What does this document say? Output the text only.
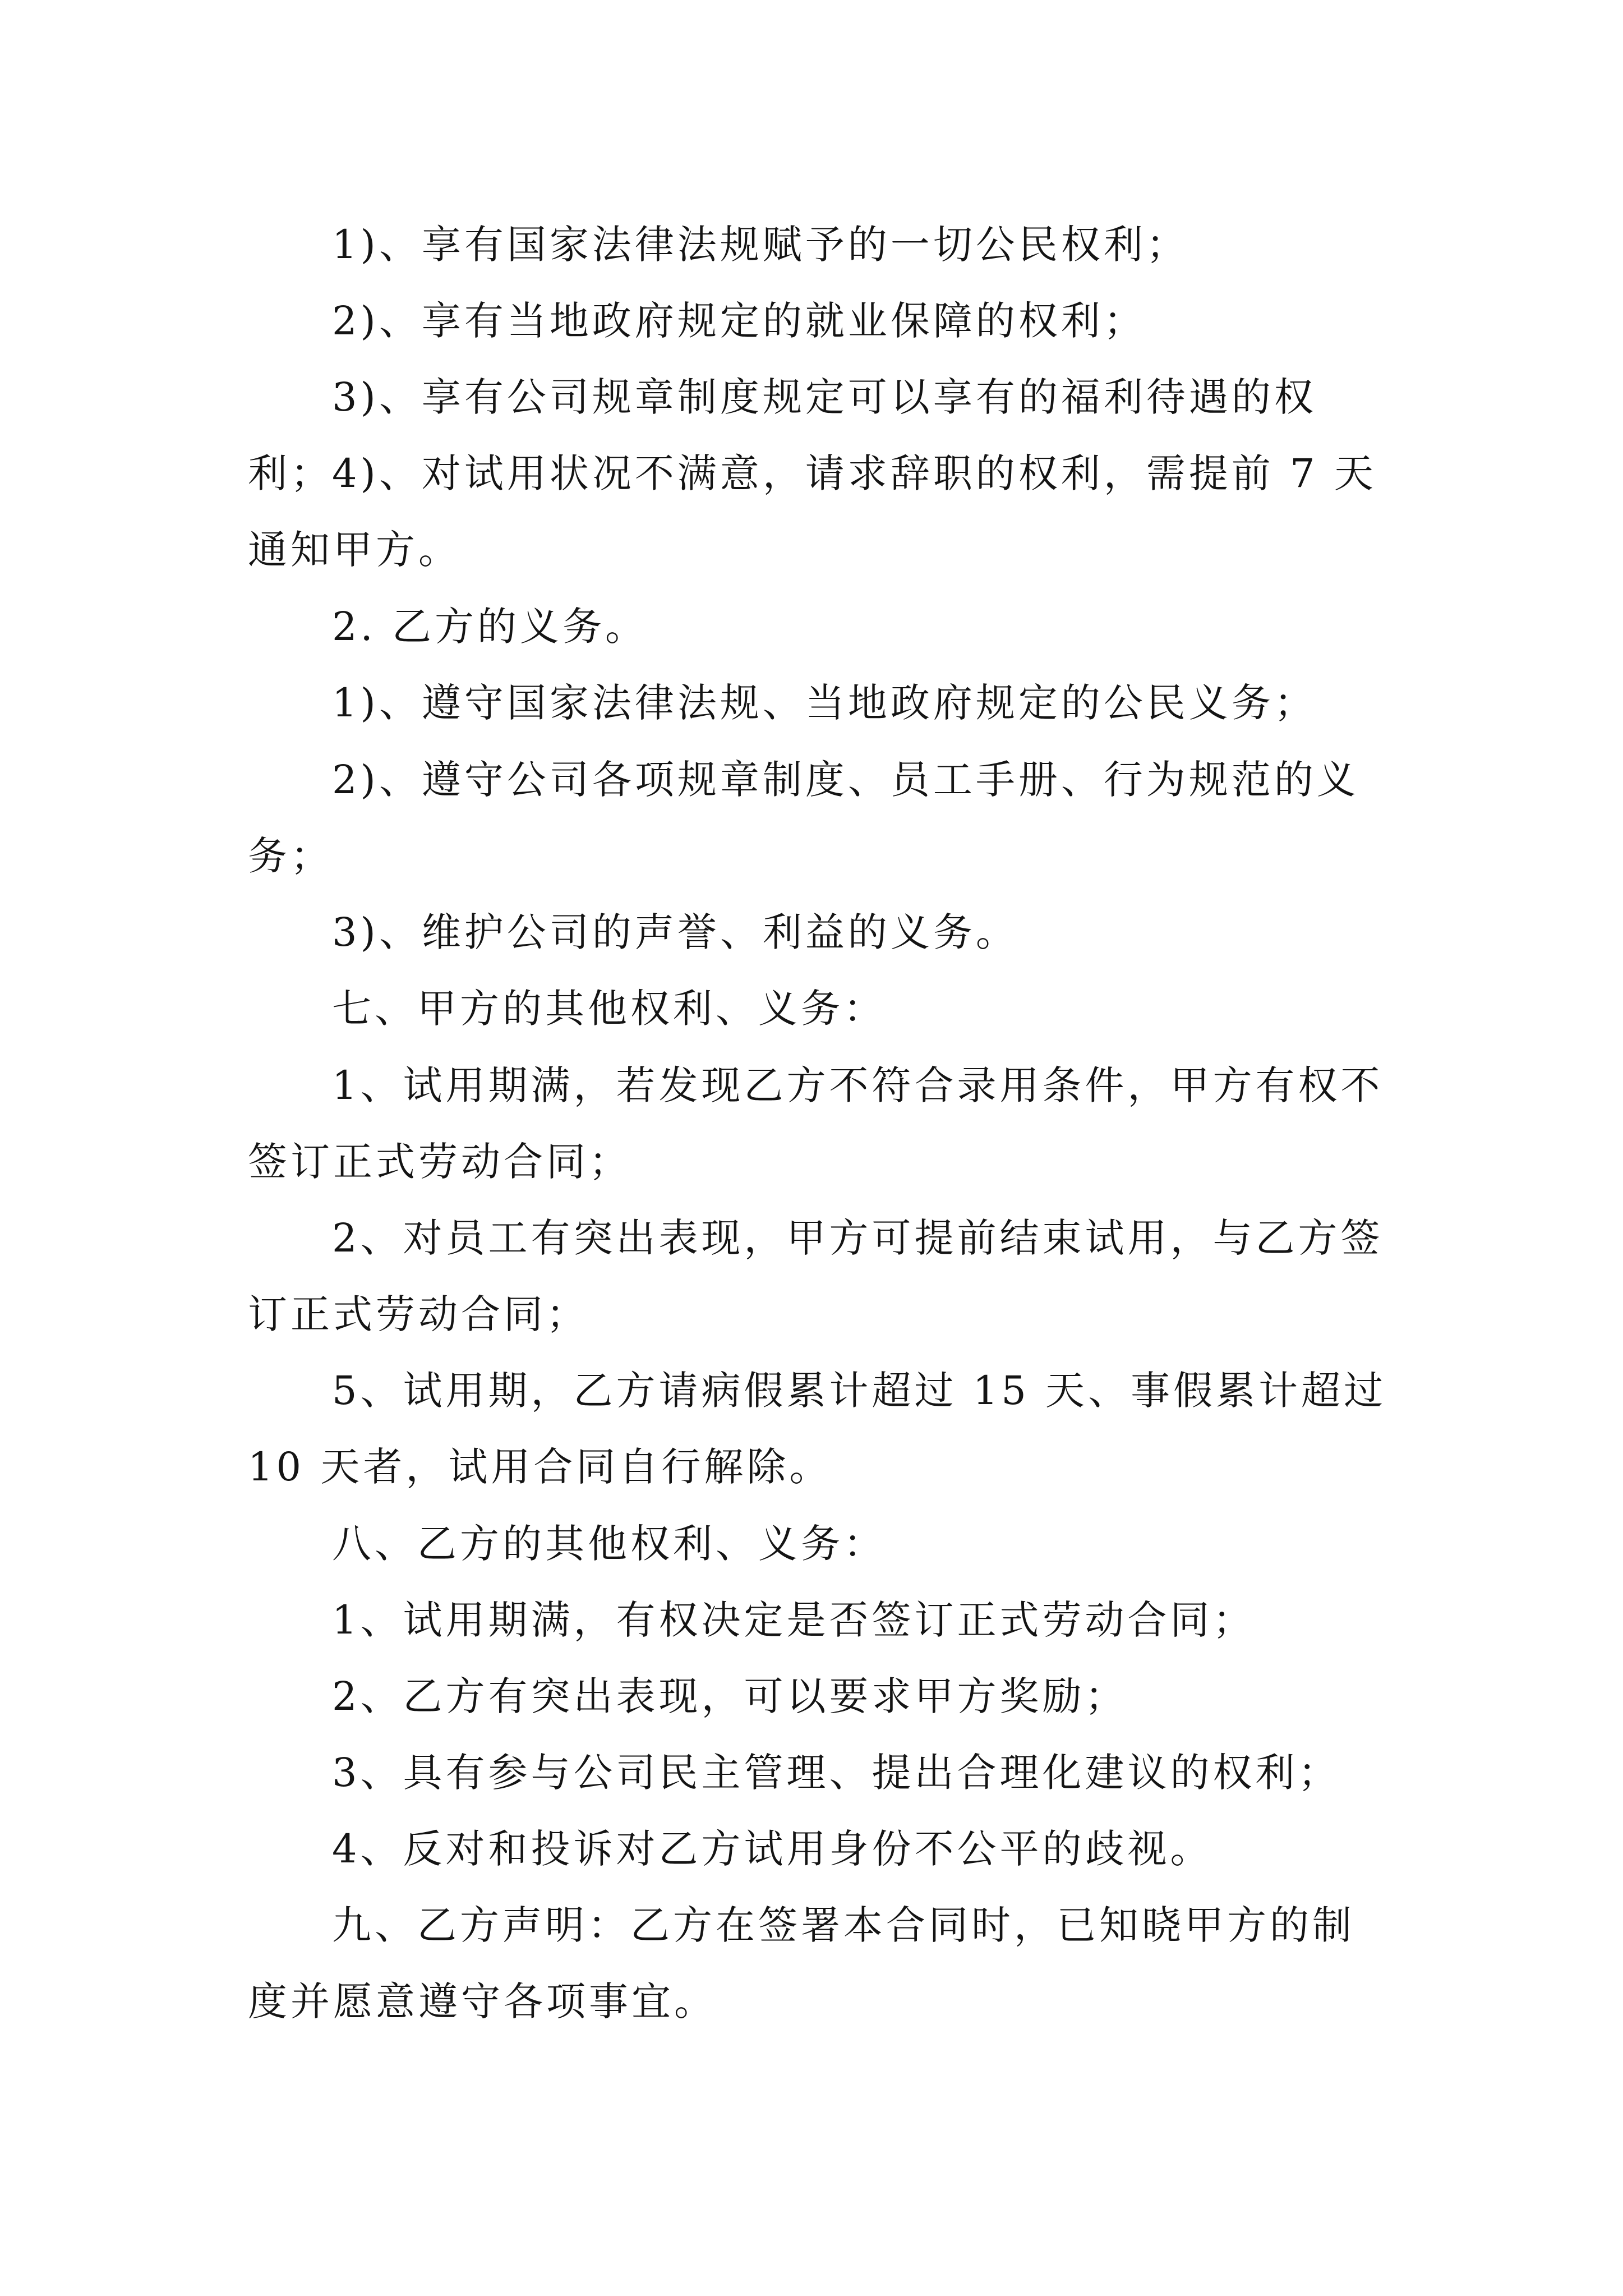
1)、享有国家法律法规赋予的一切公民权利；

2)、享有当地政府规定的就业保障的权利；

3)、享有公司规章制度规定可以享有的福利待遇的权利；

4)、对试用状况不满意，请求辞职的权利，需提前 7 天通知甲方。

2. 乙方的义务。

1)、遵守国家法律法规、当地政府规定的公民义务；

2)、遵守公司各项规章制度、员工手册、行为规范的义务；

3)、维护公司的声誉、利益的义务。

七、甲方的其他权利、义务：

1、试用期满，若发现乙方不符合录用条件，甲方有权不签订正式劳动合同；

2、对员工有突出表现，甲方可提前结束试用，与乙方签订正式劳动合同；

5、试用期，乙方请病假累计超过 15 天、事假累计超过 10 天者，试用合同自行解除。

八、乙方的其他权利、义务：

1、试用期满，有权决定是否签订正式劳动合同；

2、乙方有突出表现，可以要求甲方奖励；

3、具有参与公司民主管理、提出合理化建议的权利；

4、反对和投诉对乙方试用身份不公平的歧视。

九、乙方声明：乙方在签署本合同时，已知晓甲方的制度并愿意遵守各项事宜。
